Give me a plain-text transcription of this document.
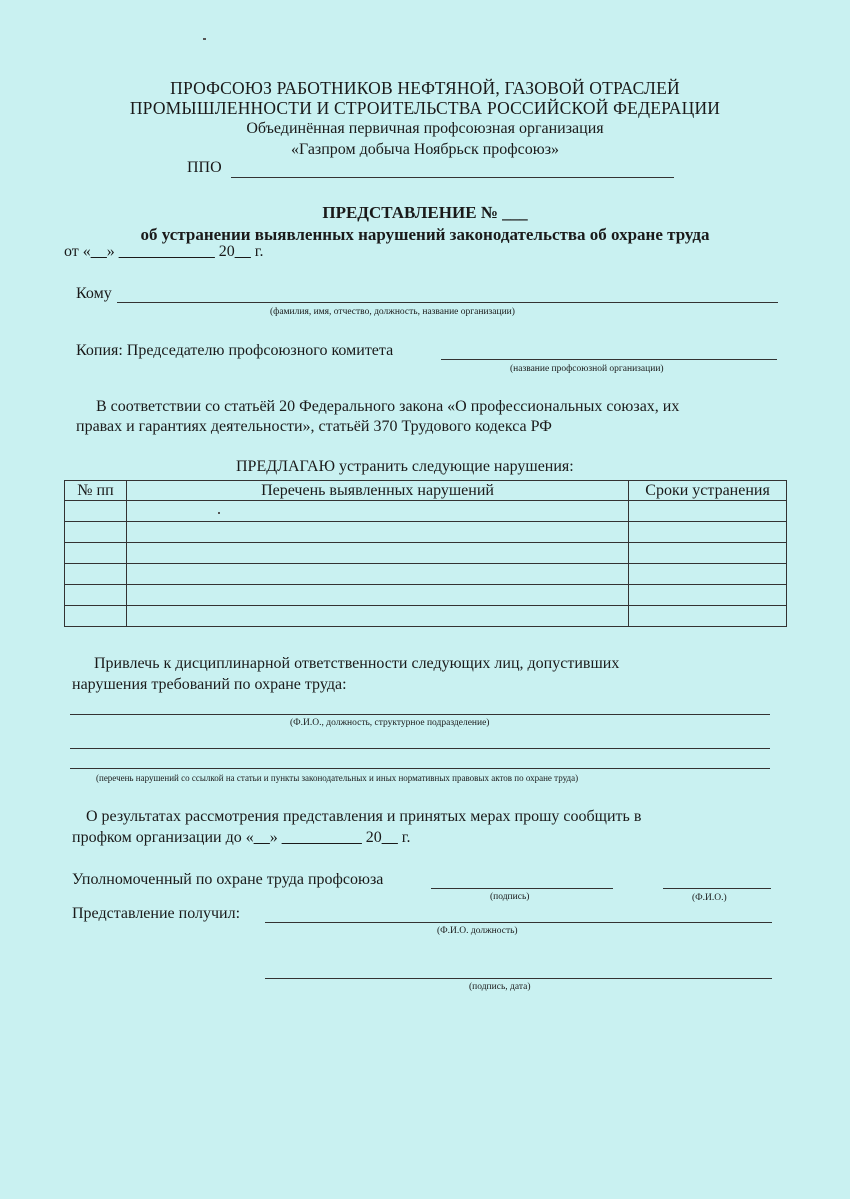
ПРОФСОЮЗ РАБОТНИКОВ НЕФТЯНОЙ, ГАЗОВОЙ ОТРАСЛЕЙ
ПРОМЫШЛЕННОСТИ И СТРОИТЕЛЬСТВА РОССИЙСКОЙ ФЕДЕРАЦИИ
Объединённая первичная профсоюзная организация
«Газпром добыча Ноябрьск профсоюз»
ППО
ПРЕДСТАВЛЕНИЕ № ___
об устранении выявленных нарушений законодательства об охране труда
от «__» ____________ 20__ г.
Кому
(фамилия, имя, отчество, должность, название организации)
Копия: Председателю профсоюзного комитета
(название профсоюзной организации)
В соответствии со статьёй 20 Федерального закона «О профессиональных союзах, их
правах и гарантиях деятельности», статьёй 370 Трудового кодекса РФ
ПРЕДЛАГАЮ устранить следующие нарушения:
№ пп	Перечень выявленных нарушений	Сроки устранения

Привлечь к дисциплинарной ответственности следующих лиц, допустивших
нарушения требований по охране труда:
(Ф.И.О., должность, структурное подразделение)
(перечень нарушений со ссылкой на статьи и пункты законодательных и иных нормативных правовых актов по охране труда)
О результатах рассмотрения представления и принятых мерах прошу сообщить в
профком организации до «__» __________ 20__ г.
Уполномоченный по охране труда профсоюза
(подпись)	(Ф.И.О.)
Представление получил:
(Ф.И.О. должность)
(подпись, дата)
